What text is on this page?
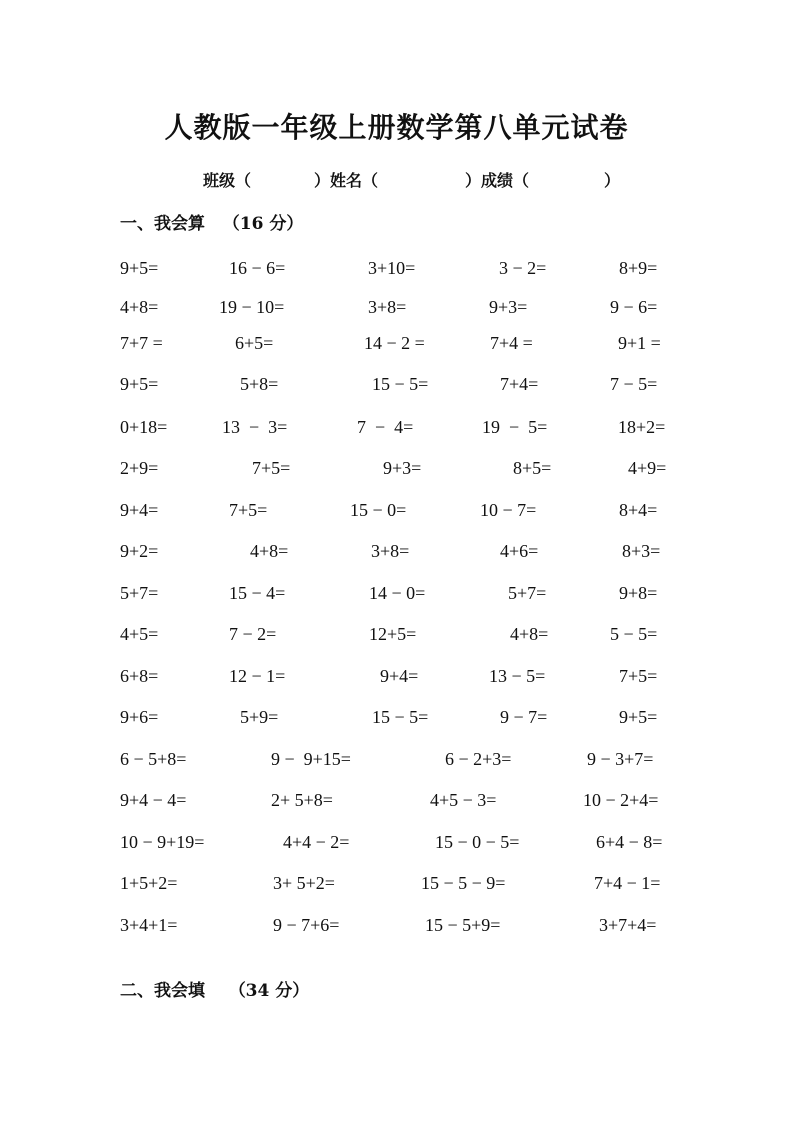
人教版一年级上册数学第八单元试卷
班级（	）姓名（	）成绩（	）
一、我会算 （16 分）
9+5=	16 − 6=	3+10=	3 − 2=	8+9=
4+8=	19 − 10=	3+8=	9+3=	9 − 6=
7+7 =	6+5=	14 − 2 =	7+4 =	9+1 =
9+5=	5+8=	15 − 5=	7+4=	7 − 5=
0+18=	13  −  3=	7  −  4=	19  −  5=	18+2=
2+9=	7+5=	9+3=	8+5=	4+9=
9+4=	7+5=	15 − 0=	10 − 7=	8+4=
9+2=	4+8=	3+8=	4+6=	8+3=
5+7=	15 − 4=	14 − 0=	5+7=	9+8=
4+5=	7 − 2=	12+5=	4+8=	5 − 5=
6+8=	12 − 1=	9+4=	13 − 5=	7+5=
9+6=	5+9=	15 − 5=	9 − 7=	9+5=
6 − 5+8=	9 −  9+15=	6 − 2+3=	9 − 3+7=
9+4 − 4=	2+ 5+8=	4+5 − 3=	10 − 2+4=
10 − 9+19=	4+4 − 2=	15 − 0 − 5=	6+4 − 8=
1+5+2=	3+ 5+2=	15 − 5 − 9=	7+4 − 1=
3+4+1=	9 − 7+6=	15 − 5+9=	3+7+4=
二、我会填 （34 分）
